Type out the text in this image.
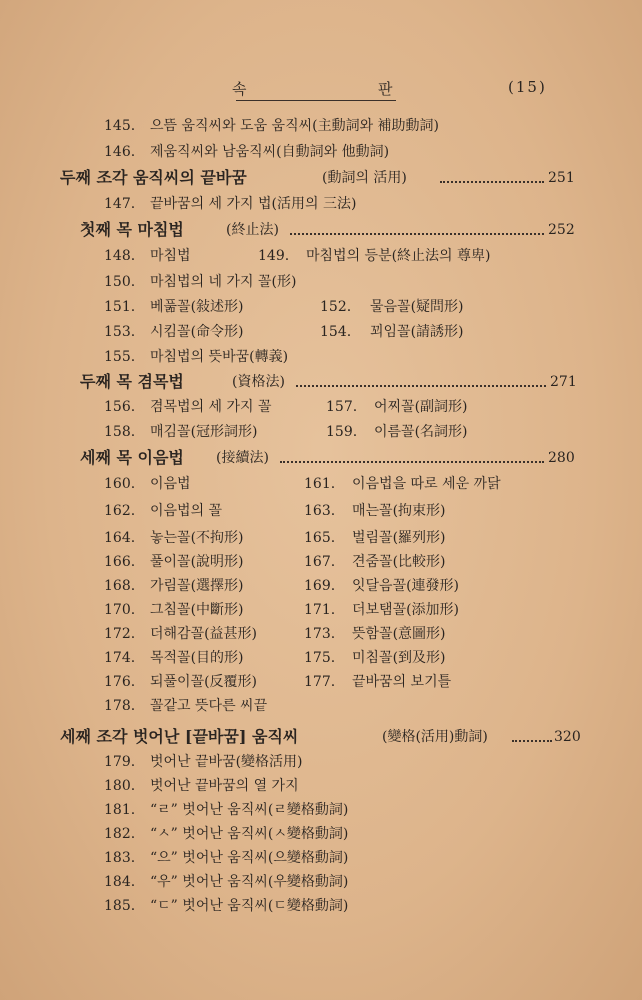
속	판	(15)
145. 으뜸 움직씨와 도움 움직씨(主動詞와 補助動詞)
146. 제움직씨와 남움직씨(自動詞와 他動詞)
두째 조각 움직씨의 끝바꿈	(動詞의 活用)	251
147. 끝바꿈의 세 가지 법(活用의 三法)
첫째 목 마침법	(終止法)	252
148. 마침법	149. 마침법의 등분(終止法의 尊卑)
150. 마침법의 네 가지 꼴(形)
151. 베풂꼴(敍述形)	152. 물음꼴(疑問形)
153. 시킴꼴(命令形)	154. 꾀임꼴(請誘形)
155. 마침법의 뜻바꿈(轉義)
두째 목 겸목법	(資格法)	271
156. 겸목법의 세 가지 꼴	157. 어찌꼴(副詞形)
158. 매김꼴(冠形詞形)	159. 이름꼴(名詞形)
세째 목 이음법 (接續法)	280
160. 이음법	161. 이음법을 따로 세운 까닭
162. 이음법의 꼴	163. 매는꼴(拘束形)
164. 놓는꼴(不拘形)	165. 벌림꼴(羅列形)
166. 풀이꼴(說明形)	167. 견줌꼴(比較形)
168. 가림꼴(選擇形)	169. 잇달음꼴(連發形)
170. 그침꼴(中斷形)	171. 더보탬꼴(添加形)
172. 더해감꼴(益甚形)	173. 뜻함꼴(意圖形)
174. 목적꼴(目的形)	175. 미침꼴(到及形)
176. 되풀이꼴(反覆形)	177. 끝바꿈의 보기틀
178. 꼴같고 뜻다른 씨끝
세째 조각 벗어난 [끝바꿈] 움직씨	(變格(活用)動詞)	320
179. 벗어난 끝바꿈(變格活用)
180. 벗어난 끝바꿈의 열 가지
181. “ㄹ” 벗어난 움직씨(ㄹ變格動詞)
182. “ㅅ” 벗어난 움직씨(ㅅ變格動詞)
183. “으” 벗어난 움직씨(으變格動詞)
184. “우” 벗어난 움직씨(우變格動詞)
185. “ㄷ” 벗어난 움직씨(ㄷ變格動詞)
